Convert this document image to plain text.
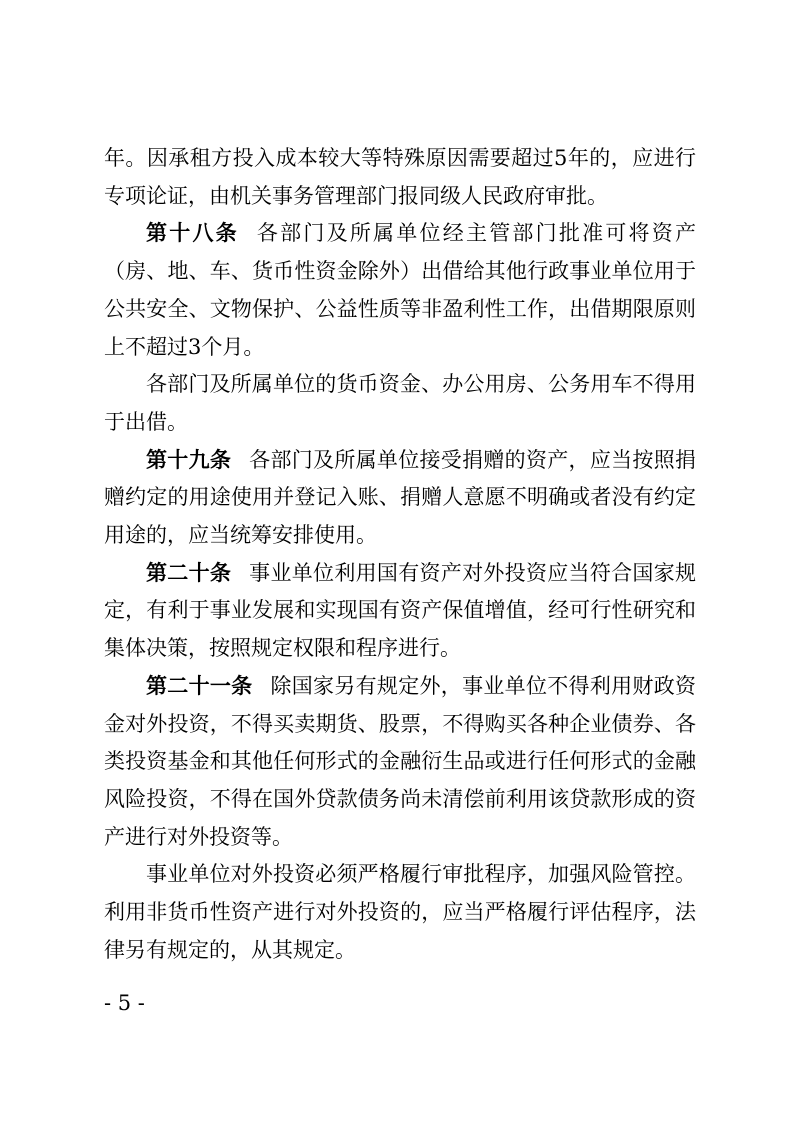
年。因承租方投入成本较大等特殊原因需要超过5年的，应进行专项论证，由机关事务管理部门报同级人民政府审批。

第十八条 各部门及所属单位经主管部门批准可将资产（房、地、车、货币性资金除外）出借给其他行政事业单位用于公共安全、文物保护、公益性质等非盈利性工作，出借期限原则上不超过3个月。

各部门及所属单位的货币资金、办公用房、公务用车不得用于出借。

第十九条 各部门及所属单位接受捐赠的资产，应当按照捐赠约定的用途使用并登记入账、捐赠人意愿不明确或者没有约定用途的，应当统筹安排使用。

第二十条 事业单位利用国有资产对外投资应当符合国家规定，有利于事业发展和实现国有资产保值增值，经可行性研究和集体决策，按照规定权限和程序进行。

第二十一条 除国家另有规定外，事业单位不得利用财政资金对外投资，不得买卖期货、股票，不得购买各种企业债券、各类投资基金和其他任何形式的金融衍生品或进行任何形式的金融风险投资，不得在国外贷款债务尚未清偿前利用该贷款形成的资产进行对外投资等。

事业单位对外投资必须严格履行审批程序，加强风险管控。利用非货币性资产进行对外投资的，应当严格履行评估程序，法律另有规定的，从其规定。

- 5 -
